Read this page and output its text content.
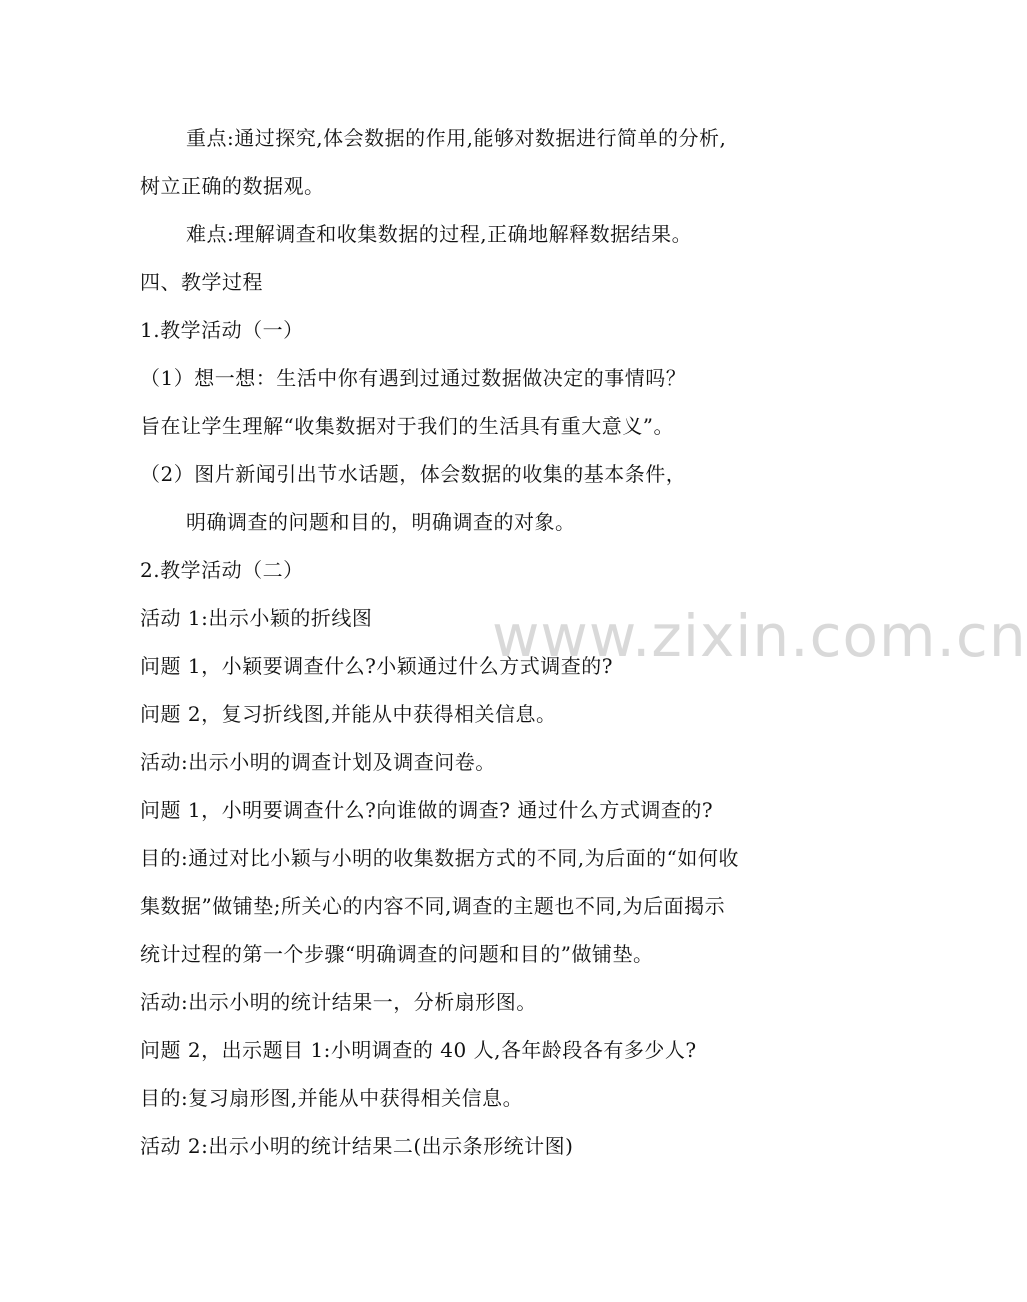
重点:通过探究,体会数据的作用,能够对数据进行简单的分析,
树立正确的数据观。
难点:理解调查和收集数据的过程,正确地解释数据结果。
四、教学过程
1.教学活动（一）
（1）想一想：生活中你有遇到过通过数据做决定的事情吗？
旨在让学生理解“收集数据对于我们的生活具有重大意义”。
（2）图片新闻引出节水话题，体会数据的收集的基本条件，
明确调查的问题和目的，明确调查的对象。
2.教学活动（二）
活动 1:出示小颖的折线图
问题 1，小颖要调查什么?小颖通过什么方式调查的?
问题 2，复习折线图,并能从中获得相关信息。
活动:出示小明的调查计划及调查问卷。
问题 1，小明要调查什么?向谁做的调查? 通过什么方式调查的?
目的:通过对比小颖与小明的收集数据方式的不同,为后面的“如何收
集数据”做铺垫;所关心的内容不同,调查的主题也不同,为后面揭示
统计过程的第一个步骤“明确调查的问题和目的”做铺垫。
活动:出示小明的统计结果一，分析扇形图。
问题 2，出示题目 1:小明调查的 40 人,各年龄段各有多少人?
目的:复习扇形图,并能从中获得相关信息。
活动 2:出示小明的统计结果二(出示条形统计图)
www.zixin.com.cn
